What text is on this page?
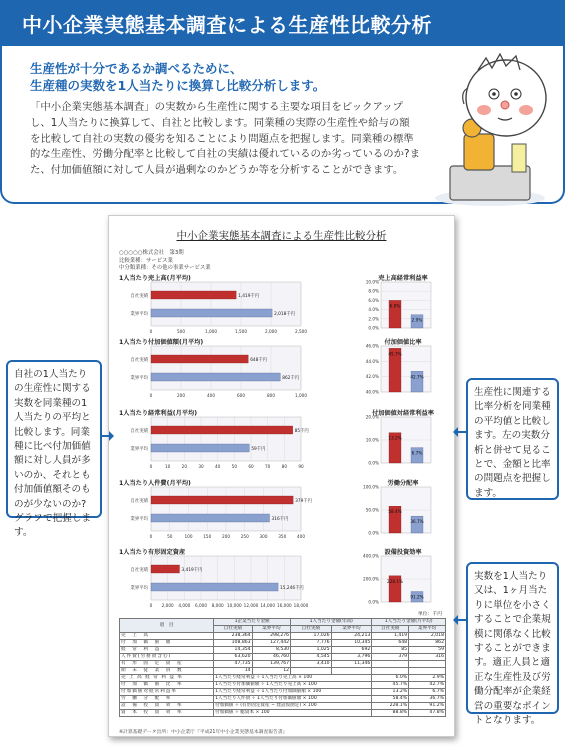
中小企業実態基本調査による生産性比較分析
生産性が十分であるか調べるために、
生産種の実数を1人当たりに換算し比較分析します。
「中小企業実態基本調査」の実数から生産性に関する主要な項目をピックアップし、1人当たりに換算して、自社と比較します。同業種の実際の生産性や給与の額を比較して自社の実数の優劣を知ることにより問題点を把握します。同業種の標準的な生産性、労働分配率と比較して自社の実績は優れているのか劣っているのか?また、付加価値額に対して人員が過剰なのかどうか等を分析することができます。
中小企業実態基本調査による生産性比較分析
○○○○○株式会社　第3期
比較業種：サービス業
中分類業種：その他の事業サービス業
1人当たり売上高(月平均)
1人当たり付加価値額(月平均)
1人当たり経常利益(月平均)
1人当たり人件費(月平均)
1人当たり有形固定資産
0	500	1,000	1,500	2,000	2,500
自社実績
業界平均
1,419千円
2,018千円
0	200	400	600	800	1,000
自社実績
業界平均
648千円
862千円
0	10	20	30	40	50	60	70	80	90
自社実績
業界平均
85千円
59千円
0	50	100	150	200	250	300	350	400
自社実績
業界平均
379千円
316千円
0 2,000 4,000 6,000 8,000 10,000 12,000 14,000 16,000 18,000
自社実績
業界平均
3,419千円
15,246千円
10.0%
8.0%
6.0%
4.0%
2.0%
0.0%
6.0%
2.9%
46.0%
44.0%
42.0%
40.0%
45.7%
42.7%
20.0%
10.0%
0.0%
13.2%
6.7%
100.0%
50.0%
0.0%
58.4%
36.7%
400.0%
200.0%
0.0%
228.1%
91.2%
売上高経常利益率
付加価値比率
付加価値対経常利益率
労働分配率
設備投資効率
単位：千円
項　目	1企業当たり金額		1人当たり金額(年間)		1人当たり金額(月平均)	
	自社実績	業界平均	自社実績	業界平均	自社実績	業界平均
売　上　高	238,364	298,276	17,026	24,213	1,419	2,018
付　加　価　値　額	108,863	127,442	7,776	10,345	648	862
経　常　利　益	14,354	8,530	1,025	692	85	59
人件費(労務費含む)	63,620	46,760	4,545	3,796	379	316
有　形　固　定　資　産	47,735	139,767	3,410	11,346		
期　末　従　業　員　数	14	12				
売 上 高 経 常 利 益 率	1人当たり経常利益 ÷ 1人当たり売上高 × 100				6.0%	2.9%
付　加　価　値　比　率	1人当たり付加価値額 ÷ 1人当たり売上高 × 100				45.7%	42.7%
付加価値対経常利益率	1人当たり経常利益 ÷ 1人当たり付加価値額 × 100				13.2%	6.7%
労　働　分　配　率	1人当たり人件費 ÷ 1人当たり付加価値額 × 100				58.4%	36.7%
設　備　投　資　効　率	付加価値 ÷ (有形固定資産 − 建設仮勘定) × 100				228.1%	91.2%
資　本　投　資　効　率	付加価値 ÷ 総資本 × 100				88.8%	47.8%
※計算基礎データ出所：中小企業庁『平成21年中小企業実態基本調査報告書』
自社の1人当たりの生産性に関する実数を同業種の1人当たりの平均と比較します。同業種に比べ付加価値額に対し人員が多いのか、それとも付加価値額そのものが少ないのか?グラフで把握します。
生産性に関連する比率分析を同業種の平均値と比較します。左の実数分析と併せて見ることで、金額と比率の問題点を把握します。
実数を1人当たり又は、1ヶ月当たりに単位を小さくすることで企業規模に関係なく比較することができます。適正人員と適正な生産性及び労働分配率が企業経営の重要なポイントとなります。
